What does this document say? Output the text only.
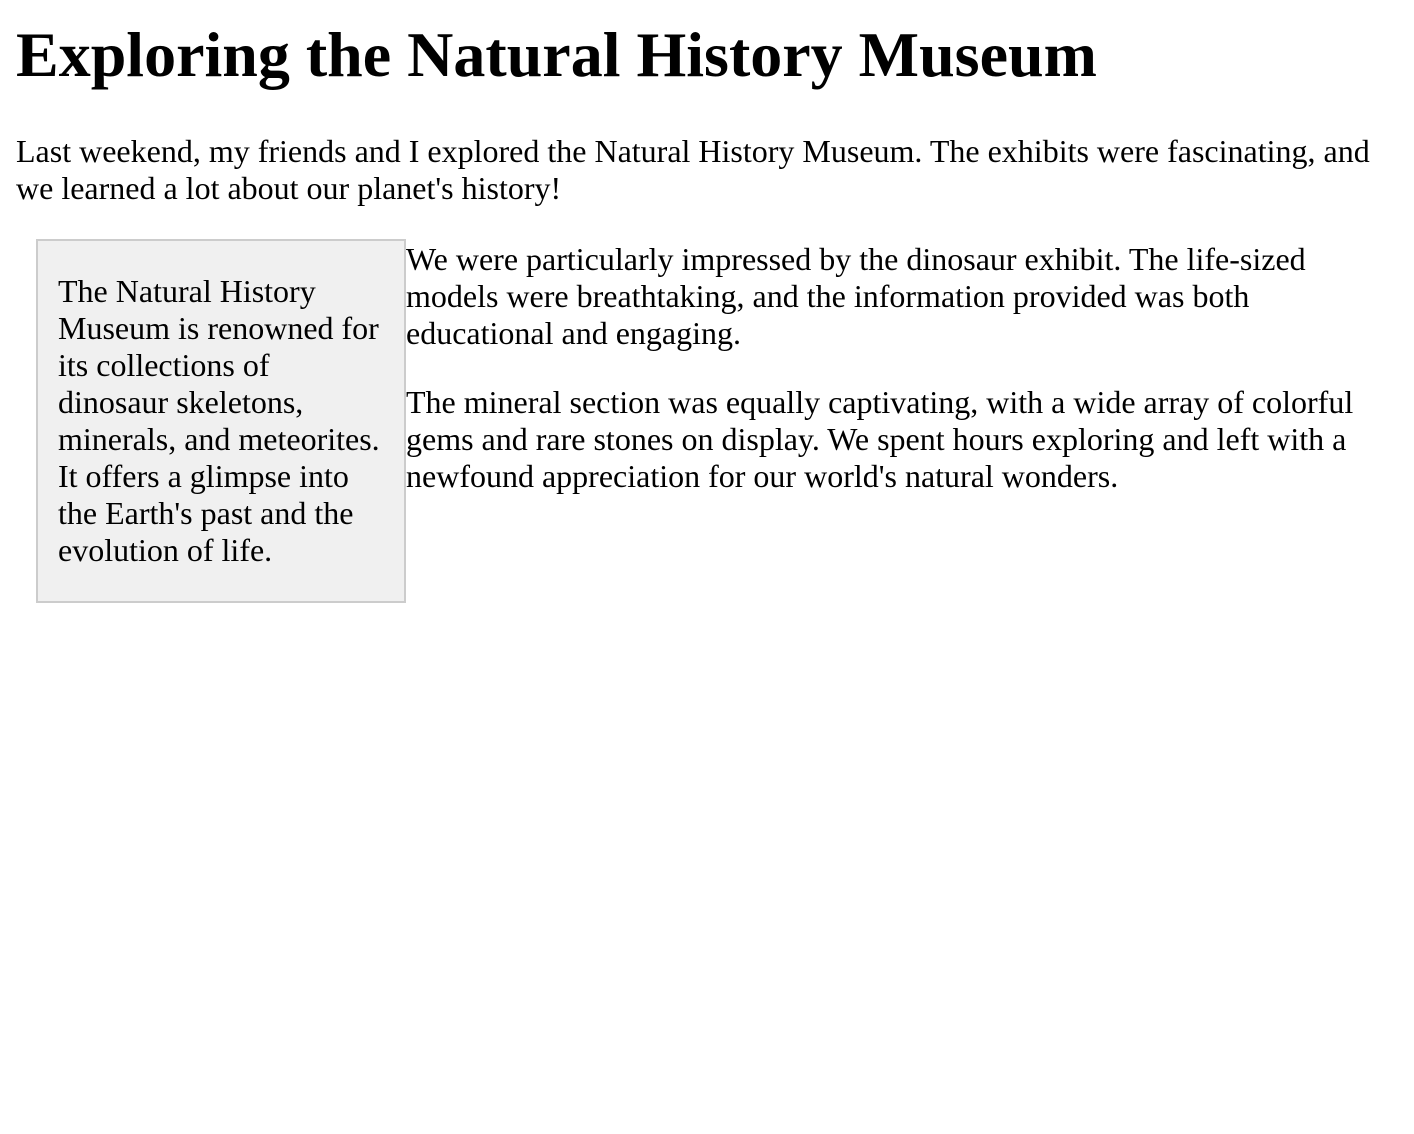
Exploring the Natural History Museum

Last weekend, my friends and I explored the Natural History Museum. The exhibits were fascinating, and we learned a lot about our planet's history!

The Natural History Museum is renowned for its collections of dinosaur skeletons, minerals, and meteorites. It offers a glimpse into the Earth's past and the evolution of life.

We were particularly impressed by the dinosaur exhibit. The life-sized models were breathtaking, and the information provided was both educational and engaging.

The mineral section was equally captivating, with a wide array of colorful gems and rare stones on display. We spent hours exploring and left with a newfound appreciation for our world's natural wonders.
